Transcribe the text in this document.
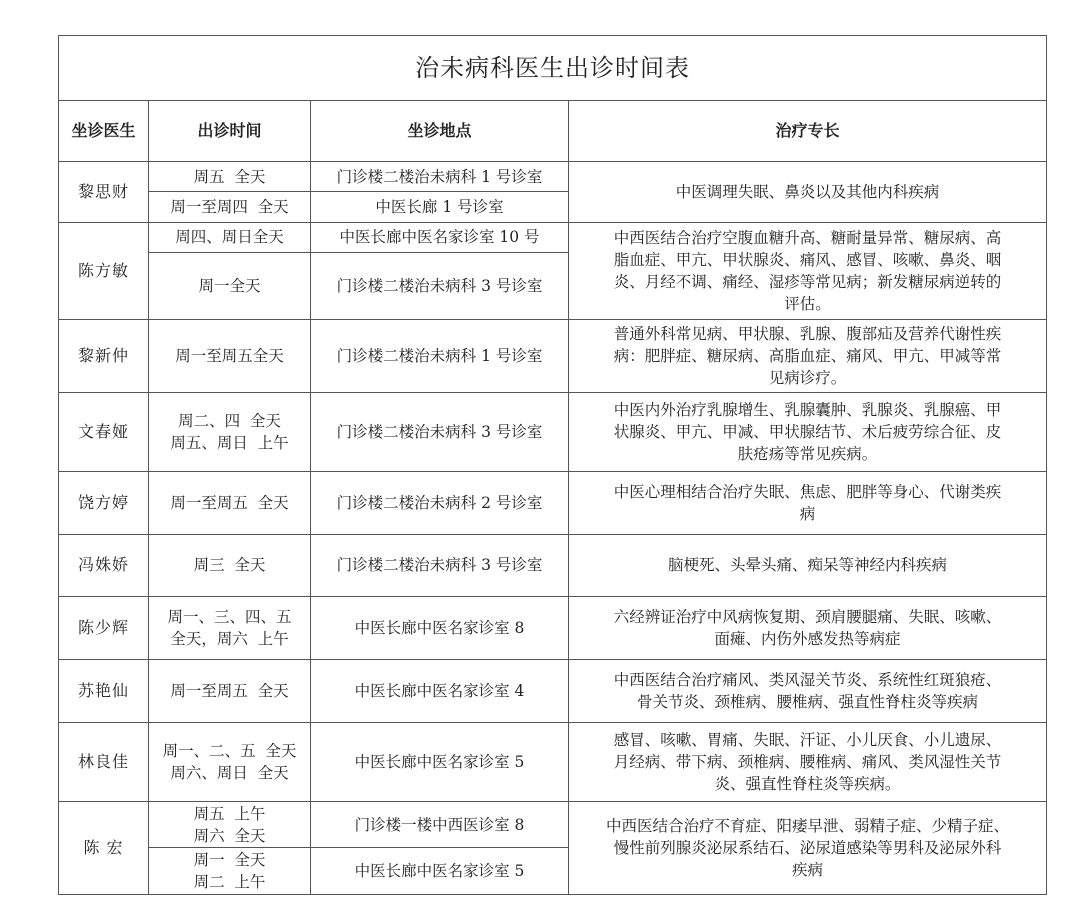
治未病科医生出诊时间表			
坐诊医生	出诊时间	坐诊地点	治疗专长
黎思财	周五  全天	门诊楼二楼治未病科 1 号诊室	中医调理失眠、鼻炎以及其他内科疾病

	周一至周四  全天	中医长廊 1 号诊室	
陈方敏	周四、周日全天	中医长廊中医名家诊室 10 号	中西医结合治疗空腹血糖升高、糖耐量异常、糖尿病、高
脂血症、甲亢、甲状腺炎、痛风、感冒、咳嗽、鼻炎、咽
炎、月经不调、痛经、湿疹等常见病；新发糖尿病逆转的
评估。

	周一全天	门诊楼二楼治未病科 3 号诊室	
黎新仲	周一至周五全天	门诊楼二楼治未病科 1 号诊室	普通外科常见病、甲状腺、乳腺、腹部疝及营养代谢性疾
病：肥胖症、糖尿病、高脂血症、痛风、甲亢、甲减等常
见病诊疗。

文春娅	周二、四  全天
周五、周日  上午	门诊楼二楼治未病科 3 号诊室	中医内外治疗乳腺增生、乳腺囊肿、乳腺炎、乳腺癌、甲
状腺炎、甲亢、甲减、甲状腺结节、术后疲劳综合征、皮
肤疮疡等常见疾病。

饶方婷	周一至周五  全天	门诊楼二楼治未病科 2 号诊室	中医心理相结合治疗失眠、焦虑、肥胖等身心、代谢类疾
病

冯姝娇	周三  全天	门诊楼二楼治未病科 3 号诊室	脑梗死、头晕头痛、痴呆等神经内科疾病

陈少辉	周一、三、四、五
全天，周六  上午	中医长廊中医名家诊室 8	六经辨证治疗中风病恢复期、颈肩腰腿痛、失眠、咳嗽、
面瘫、内伤外感发热等病症

苏艳仙	周一至周五  全天	中医长廊中医名家诊室 4	中西医结合治疗痛风、类风湿关节炎、系统性红斑狼疮、
骨关节炎、颈椎病、腰椎病、强直性脊柱炎等疾病

林良佳	周一、二、五  全天
周六、周日  全天	中医长廊中医名家诊室 5	感冒、咳嗽、胃痛、失眠、汗证、小儿厌食、小儿遗尿、
月经病、带下病、颈椎病、腰椎病、痛风、类风湿性关节
炎、强直性脊柱炎等疾病。

陈 宏	周五  上午
周六  全天	门诊楼一楼中西医诊室 8	中西医结合治疗不育症、阳痿早泄、弱精子症、少精子症、
慢性前列腺炎泌尿系结石、泌尿道感染等男科及泌尿外科
疾病

	周一  全天
周二  上午	中医长廊中医名家诊室 5	
